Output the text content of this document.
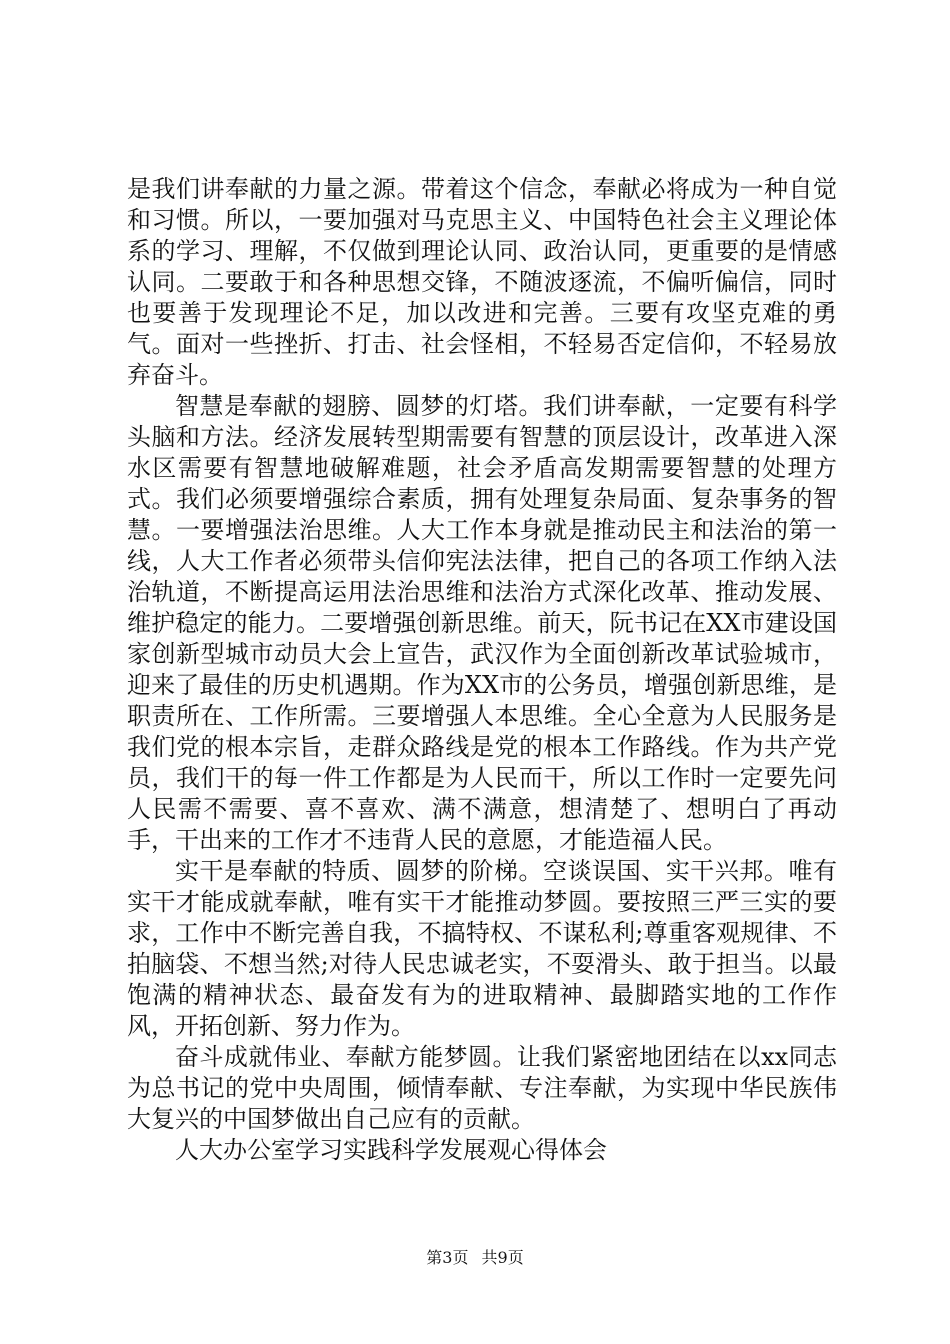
是我们讲奉献的力量之源。带着这个信念，奉献必将成为一种自觉和习惯。所以，一要加强对马克思主义、中国特色社会主义理论体系的学习、理解，不仅做到理论认同、政治认同，更重要的是情感认同。二要敢于和各种思想交锋，不随波逐流，不偏听偏信，同时也要善于发现理论不足，加以改进和完善。三要有攻坚克难的勇气。面对一些挫折、打击、社会怪相，不轻易否定信仰，不轻易放弃奋斗。

智慧是奉献的翅膀、圆梦的灯塔。我们讲奉献，一定要有科学头脑和方法。经济发展转型期需要有智慧的顶层设计，改革进入深水区需要有智慧地破解难题，社会矛盾高发期需要智慧的处理方式。我们必须要增强综合素质，拥有处理复杂局面、复杂事务的智慧。一要增强法治思维。人大工作本身就是推动民主和法治的第一线，人大工作者必须带头信仰宪法法律，把自己的各项工作纳入法治轨道，不断提高运用法治思维和法治方式深化改革、推动发展、维护稳定的能力。二要增强创新思维。前天，阮书记在XX市建设国家创新型城市动员大会上宣告，武汉作为全面创新改革试验城市，迎来了最佳的历史机遇期。作为XX市的公务员，增强创新思维，是职责所在、工作所需。三要增强人本思维。全心全意为人民服务是我们党的根本宗旨，走群众路线是党的根本工作路线。作为共产党员，我们干的每一件工作都是为人民而干，所以工作时一定要先问人民需不需要、喜不喜欢、满不满意，想清楚了、想明白了再动手，干出来的工作才不违背人民的意愿，才能造福人民。

实干是奉献的特质、圆梦的阶梯。空谈误国、实干兴邦。唯有实干才能成就奉献，唯有实干才能推动梦圆。要按照三严三实的要求，工作中不断完善自我，不搞特权、不谋私利;尊重客观规律、不拍脑袋、不想当然;对待人民忠诚老实，不耍滑头、敢于担当。以最饱满的精神状态、最奋发有为的进取精神、最脚踏实地的工作作风，开拓创新、努力作为。

奋斗成就伟业、奉献方能梦圆。让我们紧密地团结在以xx同志为总书记的党中央周围，倾情奉献、专注奉献，为实现中华民族伟大复兴的中国梦做出自己应有的贡献。

人大办公室学习实践科学发展观心得体会

第3页 共9页
